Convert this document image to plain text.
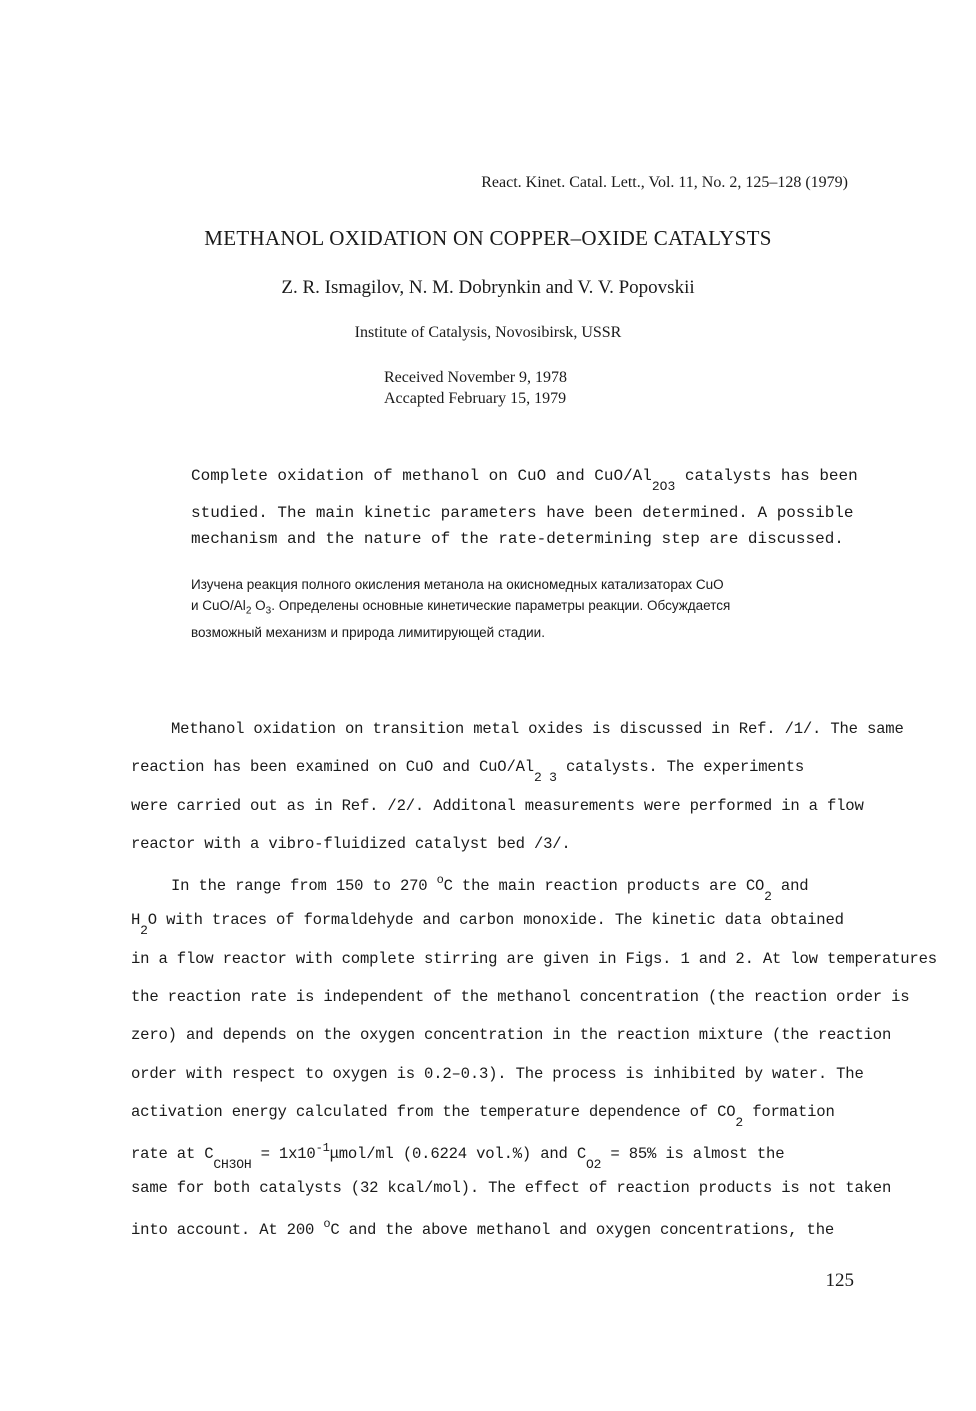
React. Kinet. Catal. Lett., Vol. 11, No. 2, 125–128 (1979)
METHANOL OXIDATION ON COPPER–OXIDE CATALYSTS
Z. R. Ismagilov, N. M. Dobrynkin and V. V. Popovskii
Institute of Catalysis, Novosibirsk, USSR
Received November 9, 1978
Accapted February 15, 1979
Complete oxidation of methanol on CuO and CuO/$Al_{2O3}$ catalysts has been
studied. The main kinetic parameters have been determined. A possible
mechanism and the nature of the rate-determining step are discussed.
Изучена реакция полного окисления метанола на окисномедных катализаторах CuO
и CuO/$Al_2$ $O_3$. Определены основные кинетические параметры реакции. Обсуждается
возможный механизм и природа лимитирующей стадии.
Methanol oxidation on transition metal oxides is discussed in Ref. /1/. The same
reaction has been examined on CuO and CuO/$Al_{2 3}$ catalysts. The experiments
were carried out as in Ref. /2/. Additonal measurements were performed in a flow
reactor with a vibro-fluidized catalyst bed /3/.
In the range from 150 to 270 $^o$C the main reaction products are $CO_2$ and
$H_2O$ with traces of formaldehyde and carbon monoxide. The kinetic data obtained
in a flow reactor with complete stirring are given in Figs. 1 and 2. At low temperatures
the reaction rate is independent of the methanol concentration (the reaction order is
zero) and depends on the oxygen concentration in the reaction mixture (the reaction
order with respect to oxygen is 0.2–0.3). The process is inhibited by water. The
activation energy calculated from the temperature dependence of $CO_2$ formation
rate at $C_{CH3OH} = 1x10^{-1}\mu mol/ml$ (0.6224 vol.%) and $C_{O2} = 85\%$ is almost the
same for both catalysts (32 kcal/mol). The effect of reaction products is not taken
into account. At 200 $^o$C and the above methanol and oxygen concentrations, the
125
